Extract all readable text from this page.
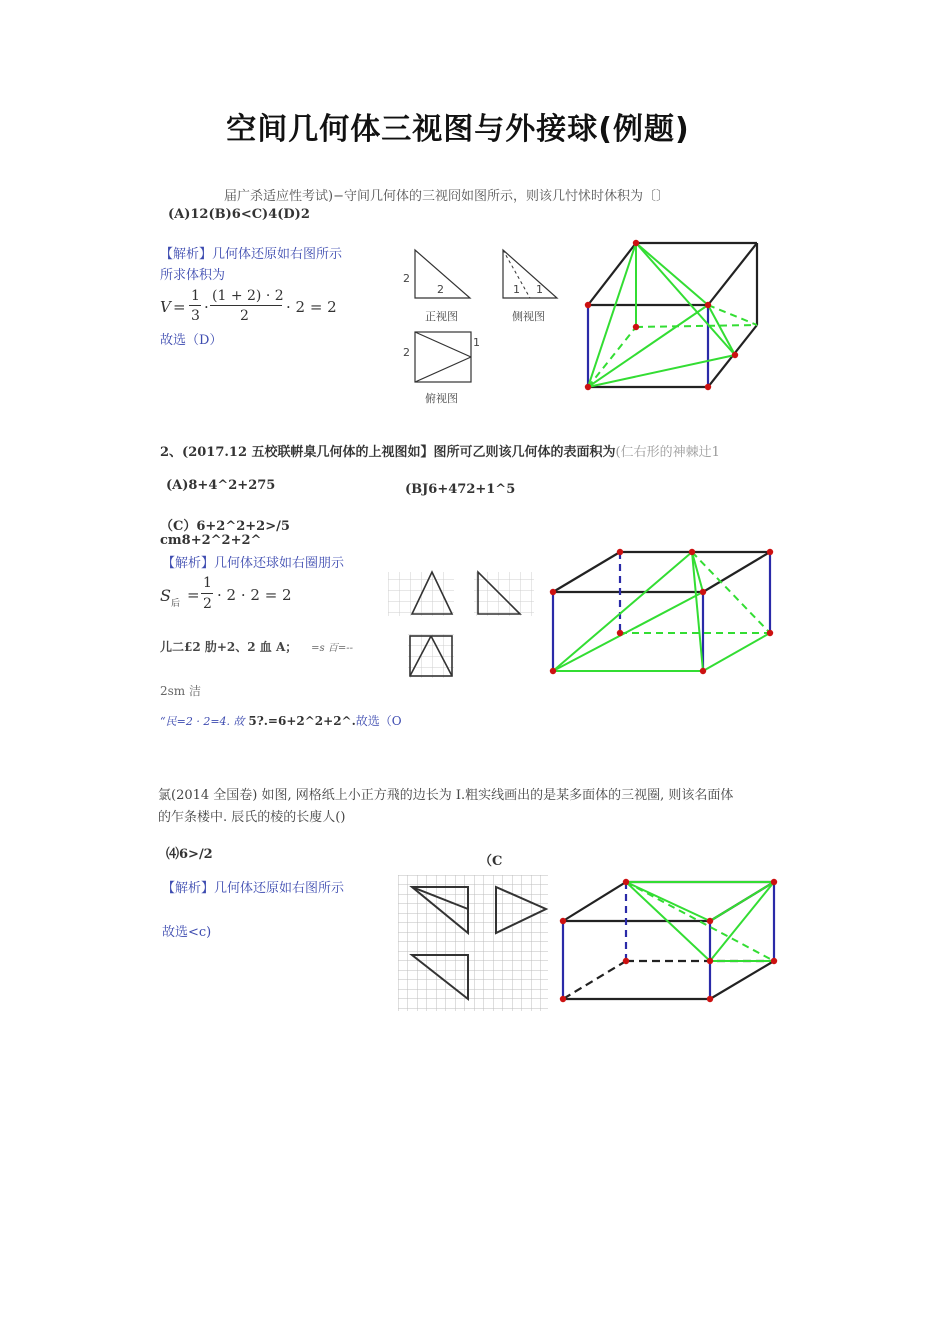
空间几何体三视图与外接球(例题)
届广杀适应性考试)−守间几何体的三视冏如图所示，则该几忖怵时休积为〔〕
(A)12(B)6<C)4(D)2
【解析】几何体还原如右图所示
所求体积为
V =
1
3 ·
(1 + 2) · 2
2 · 2 = 2
故选（D）
2
2	1 1
2
1
正视图	侧视图
俯视图
2、(2017.12 五校联帲臬几何体的上视图如】图所可乙则该几何体的表面积为(仁右形的神棘辻1
(A)8+4^2+275	(BJ6+472+1^5
（C）6+2^2+2>/5
cm8+2^2+2^
【解析】几何体还球如右圈朋示
S 后 =
1
2 · 2 · 2 = 2
儿二£2 肋+2、2 血 A； =s 百=--
2sm 洁
“民=2 · 2=4. 故 5?.=6+2^2+2^.故选（O
氯(2014 全国卷) 如图, 网格纸上小正方飛的边长为 I.粗实线画出的是某多面体的三视圈, 则该名面体
的乍条楼中. 辰氏的棱的长廋人()
⑷6>/2	（C
【解析】几何体还原如右图所示
故选<c)
